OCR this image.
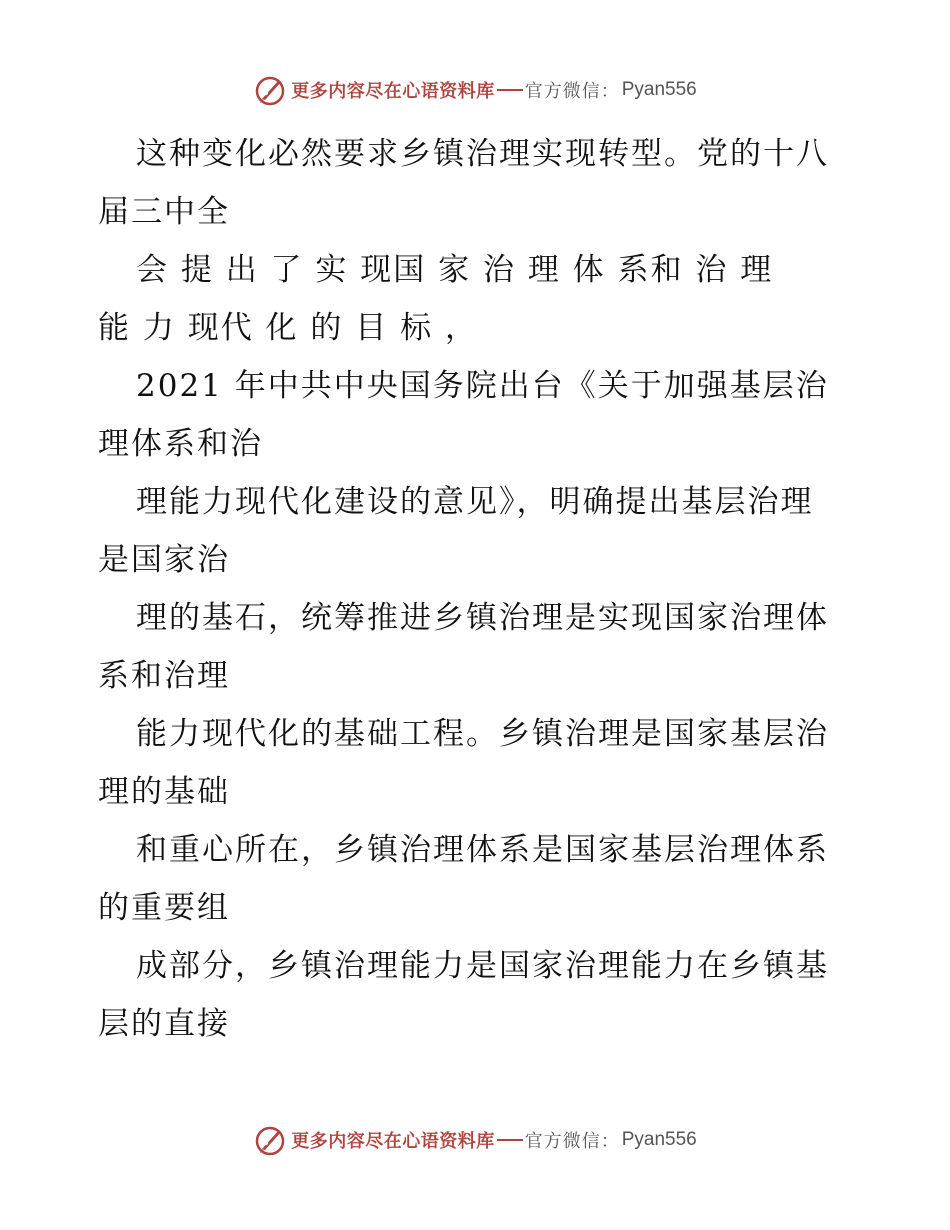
更多内容尽在心语资料库 官方微信： Pyan556
这种变化必然要求乡镇治理实现转型。党的十八
届三中全
会 提 出 了 实 现国 家 治 理 体 系和 治 理
能 力 现代 化 的 目 标 ，
2021 年中共中央国务院出台《关于加强基层治
理体系和治
理能力现代化建设的意见》，明确提出基层治理
是国家治
理的基石，统筹推进乡镇治理是实现国家治理体
系和治理
能力现代化的基础工程。乡镇治理是国家基层治
理的基础
和重心所在，乡镇治理体系是国家基层治理体系
的重要组
成部分，乡镇治理能力是国家治理能力在乡镇基
层的直接
更多内容尽在心语资料库 官方微信： Pyan556
